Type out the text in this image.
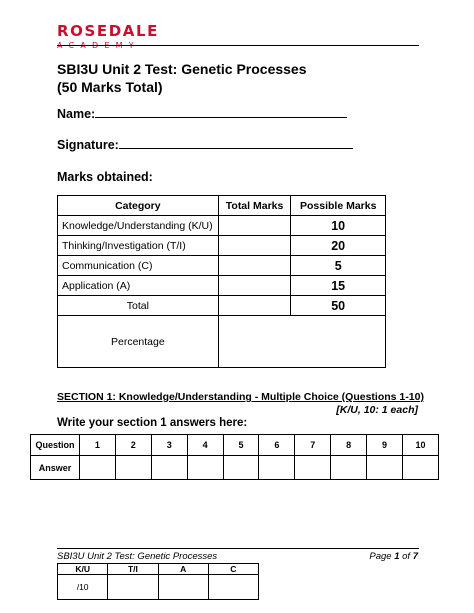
ROSEDALE
ACADEMY
SBI3U Unit 2 Test: Genetic Processes
(50 Marks Total)
Name:
Signature:
Marks obtained:
Category	Total Marks	Possible Marks
Knowledge/Understanding (K/U)		10
Thinking/Investigation (T/I)		20
Communication (C)		5
Application (A)		15
Total		50
Percentage		
SECTION 1: Knowledge/Understanding - Multiple Choice (Questions 1-10)
[K/U, 10: 1 each]
Write your section 1 answers here:
Question	1	2	3	4	5	6	7	8	9	10
Answer										
SBI3U Unit 2 Test: Genetic Processes	Page 1 of 7
K/U	T/I	A	C
/10			
